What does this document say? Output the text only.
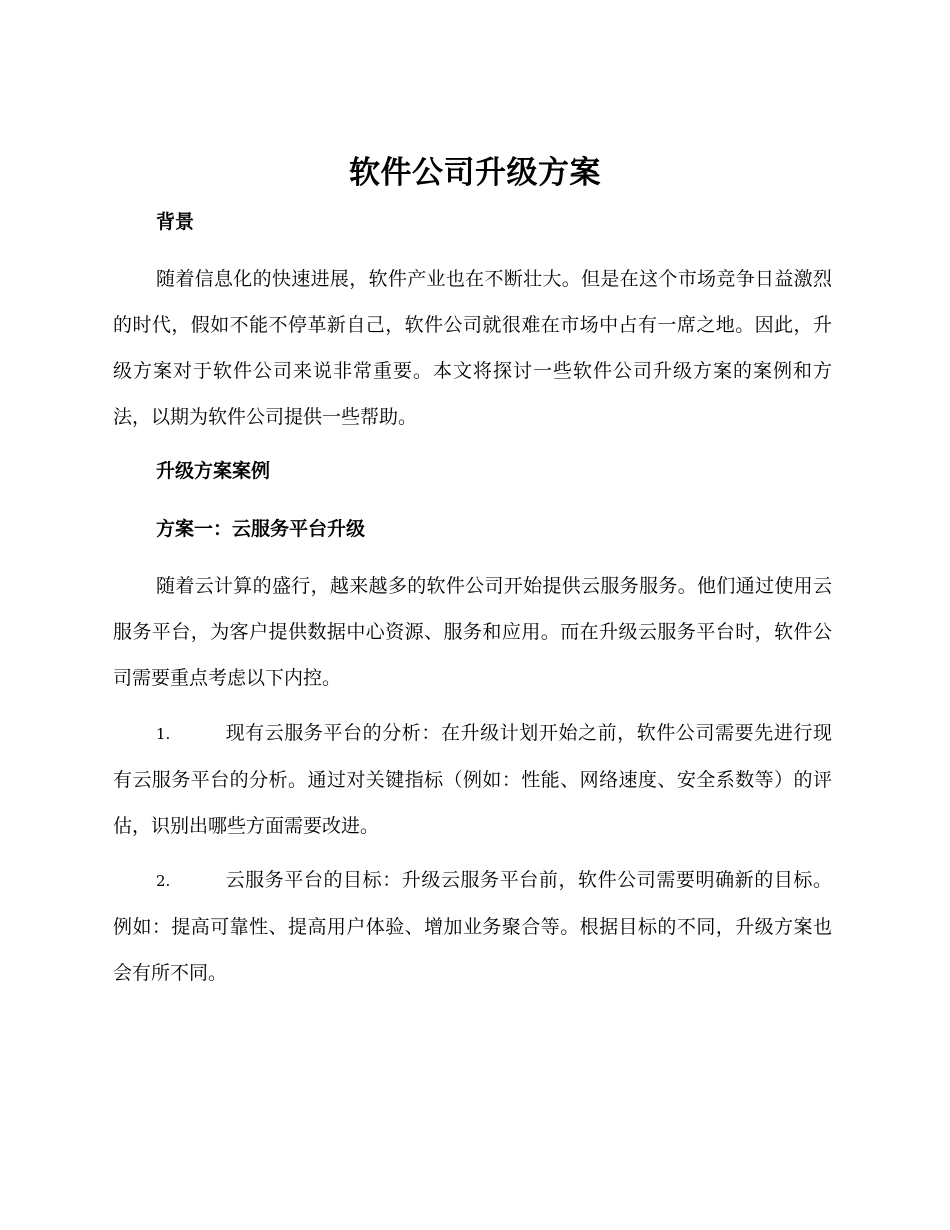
软件公司升级方案
背景

随着信息化的快速进展，软件产业也在不断壮大。但是在这个市场竞争日益激烈的时代，假如不能不停革新自己，软件公司就很难在市场中占有一席之地。因此，升级方案对于软件公司来说非常重要。本文将探讨一些软件公司升级方案的案例和方法，以期为软件公司提供一些帮助。

升级方案案例
方案一：云服务平台升级

随着云计算的盛行，越来越多的软件公司开始提供云服务服务。他们通过使用云服务平台，为客户提供数据中心资源、服务和应用。而在升级云服务平台时，软件公司需要重点考虑以下内控。

1.	现有云服务平台的分析：在升级计划开始之前，软件公司需要先进行现有云服务平台的分析。通过对关键指标（例如：性能、网络速度、安全系数等）的评估，识别出哪些方面需要改进。

2.	云服务平台的目标：升级云服务平台前，软件公司需要明确新的目标。例如：提高可靠性、提高用户体验、增加业务聚合等。根据目标的不同，升级方案也会有所不同。
